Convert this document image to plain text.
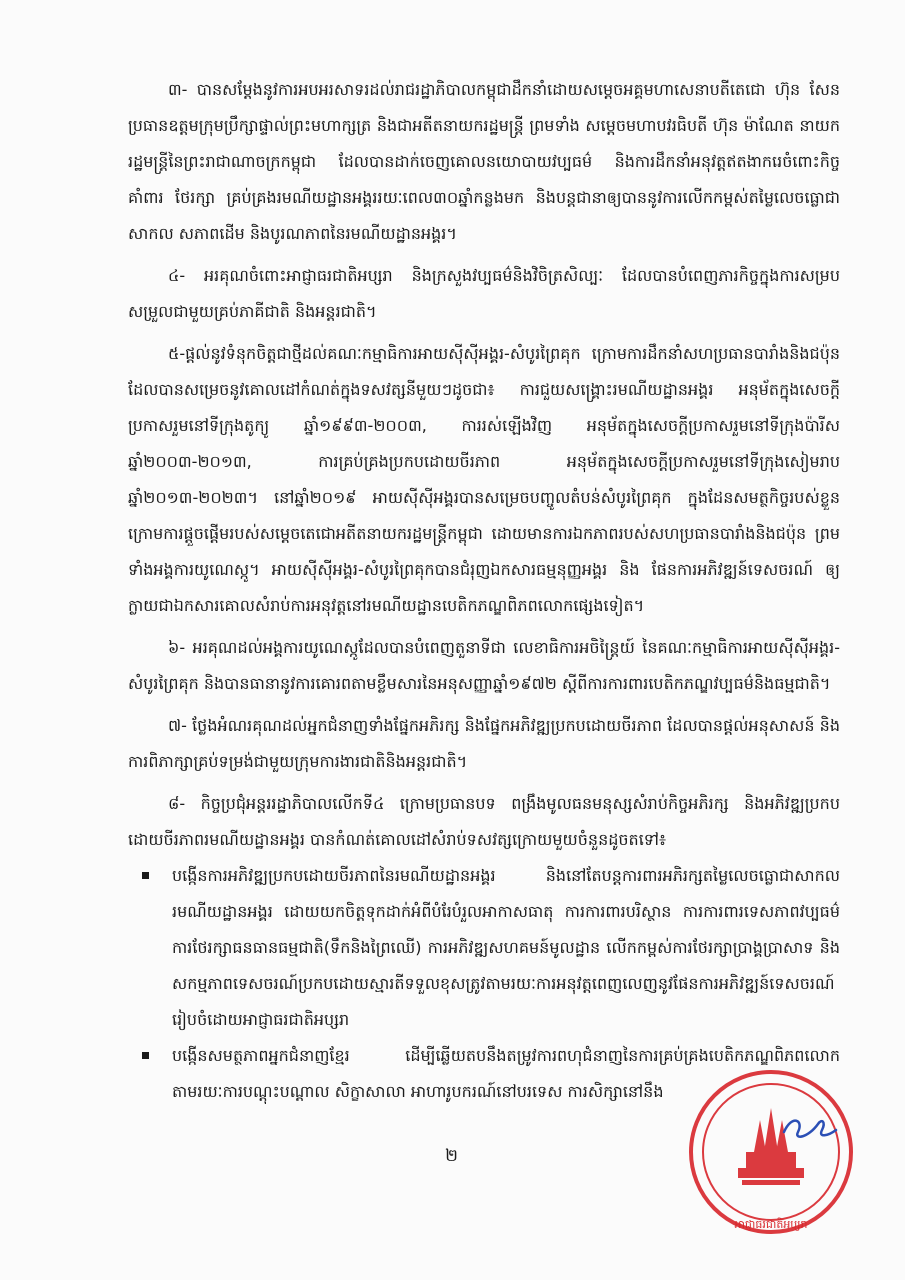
៣- បានសម្តែងនូវការអបអរសាទរដល់រាជរដ្ឋាភិបាលកម្ពុជាដឹកនាំដោយសម្តេចអគ្គមហាសេនាបតីតេជោ ហ៊ុន សែន ប្រធានឧត្តមក្រុមប្រឹក្សាផ្ទាល់ព្រះមហាក្សត្រ និងជាអតីតនាយករដ្ឋមន្ត្រី ព្រមទាំង សម្តេចមហាបវរធិបតី ហ៊ុន ម៉ាណែត នាយករដ្ឋមន្ត្រីនៃព្រះរាជាណាចក្រកម្ពុជា ដែលបានដាក់ចេញគោលនយោបាយវប្បធម៌ និងការដឹកនាំអនុវត្តឥតងាករេចំពោះកិច្ចគាំពារ ថែរក្សា គ្រប់គ្រងរមណីយដ្ឋានអង្គររយៈពេល៣០ឆ្នាំកន្លងមក និងបន្តជានាឲ្យបាននូវការលើកកម្ពស់តម្លៃលេចធ្លោជាសាកល សភាពដើម និងបូរណភាពនៃរមណីយដ្ឋានអង្គរ។

៤- អរគុណចំពោះអាជ្ញាធរជាតិអប្សរា និងក្រសួងវប្បធម៌និងវិចិត្រសិល្បៈ ដែលបានបំពេញភារកិច្ចក្នុងការសម្របសម្រួលជាមួយគ្រប់ភាគីជាតិ និងអន្តរជាតិ។

៥-ផ្តល់នូវទំនុកចិត្តជាថ្មីដល់គណៈកម្មាធិការអាយស៊ីស៊ីអង្គរ-សំបូរព្រៃគុក ក្រោមការដឹកនាំសហប្រធានបារាំងនិងជប៉ុន ដែលបានសម្រេចនូវគោលដៅកំណត់ក្នុងទសវត្សនីមួយៗដូចជា៖ ការជួយសង្គ្រោះរមណីយដ្ឋានអង្គរ អនុម័តក្នុងសេចក្តីប្រកាសរួមនៅទីក្រុងតូក្យូ ឆ្នាំ១៩៩៣-២០០៣, ការរស់ឡើងវិញ អនុម័តក្នុងសេចក្តីប្រកាសរួមនៅទីក្រុងប៉ារីស ឆ្នាំ២០០៣-២០១៣, ការគ្រប់គ្រងប្រកបដោយចីរភាព អនុម័តក្នុងសេចក្តីប្រកាសរួមនៅទីក្រុងសៀមរាប ឆ្នាំ២០១៣-២០២៣។ នៅឆ្នាំ២០១៩ អាយស៊ីស៊ីអង្គរបានសម្រេចបញ្ចូលតំបន់សំបូរព្រៃគុក ក្នុងដែនសមត្ថកិច្ចរបស់ខ្លួនក្រោមការផ្តួចផ្តើមរបស់សម្តេចតេជោអតីតនាយករដ្ឋមន្ត្រីកម្ពុជា ដោយមានការឯកភាពរបស់សហប្រធានបារាំងនិងជប៉ុន ព្រមទាំងអង្គការយូណេស្កូ។ អាយស៊ីស៊ីអង្គរ-សំបូរព្រៃគុកបានជំរុញឯកសារធម្មនុញ្ញអង្គរ និង ផែនការអភិវឌ្ឍន៍ទេសចរណ៍ ឲ្យក្លាយជាឯកសារគោលសំរាប់ការអនុវត្តនៅរមណីយដ្ឋានបេតិកភណ្ឌពិភពលោកផ្សេងទៀត។

៦- អរគុណដល់អង្គការយូណេស្កូដែលបានបំពេញតួនាទីជា លេខាធិការអចិន្ត្រៃយ៍ នៃគណៈកម្មាធិការអាយស៊ីស៊ីអង្គរ-សំបូរព្រៃគុក និងបានធានានូវការគោរពតាមខ្លឹមសារនៃអនុសញ្ញាឆ្នាំ១៩៧២ ស្តីពីការការពារបេតិកភណ្ឌវប្បធម៌និងធម្មជាតិ។

៧- ថ្លែងអំណរគុណដល់អ្នកជំនាញទាំងផ្នែកអភិរក្ស និងផ្នែកអភិវឌ្ឍប្រកបដោយចីរភាព ដែលបានផ្តល់អនុសាសន៍ និងការពិភាក្សាគ្រប់ទម្រង់ជាមួយក្រុមការងារជាតិនិងអន្តរជាតិ។

៨- កិច្ចប្រជុំអន្តររដ្ឋាភិបាលលើកទី៤ ក្រោមប្រធានបទ ពង្រឹងមូលធនមនុស្សសំរាប់កិច្ចអភិរក្ស និងអភិវឌ្ឍប្រកបដោយចីរភាពរមណីយដ្ឋានអង្គរ បានកំណត់គោលដៅសំរាប់ទសវត្សក្រោយមួយចំនួនដូចតទៅ៖

បង្កើនការអភិវឌ្ឍប្រកបដោយចីរភាពនៃរមណីយដ្ឋានអង្គរ និងនៅតែបន្តការពារអភិរក្សតម្លៃលេចធ្លោជាសាកលរមណីយដ្ឋានអង្គរ ដោយយកចិត្តទុកដាក់អំពីបំរែបំរួលអាកាសធាតុ ការការពារបរិស្ថាន ការការពារទេសភាពវប្បធម៌ ការថែរក្សាធនធានធម្មជាតិ(ទឹកនិងព្រៃឈើ) ការអភិវឌ្ឍសហគមន៍មូលដ្ឋាន លើកកម្ពស់ការថែរក្សាប្រាង្គប្រាសាទ និងសកម្មភាពទេសចរណ៍ប្រកបដោយស្មារតីទទួលខុសត្រូវតាមរយៈការអនុវត្តពេញលេញនូវផែនការអភិវឌ្ឍន៍ទេសចរណ៍រៀបចំដោយអាជ្ញាធរជាតិអប្សរា
បង្កើនសមត្ថភាពអ្នកជំនាញខ្មែរ ដើម្បីឆ្លើយតបនឹងតម្រូវការពហុជំនាញនៃការគ្រប់គ្រងបេតិកភណ្ឌពិភពលោកតាមរយៈការបណ្តុះបណ្តាល សិក្ខាសាលា អាហារូបករណ៍នៅបរទេស ការសិក្សានៅនឹង
២
អាជ្ញាធរជាតិអប្សរា
